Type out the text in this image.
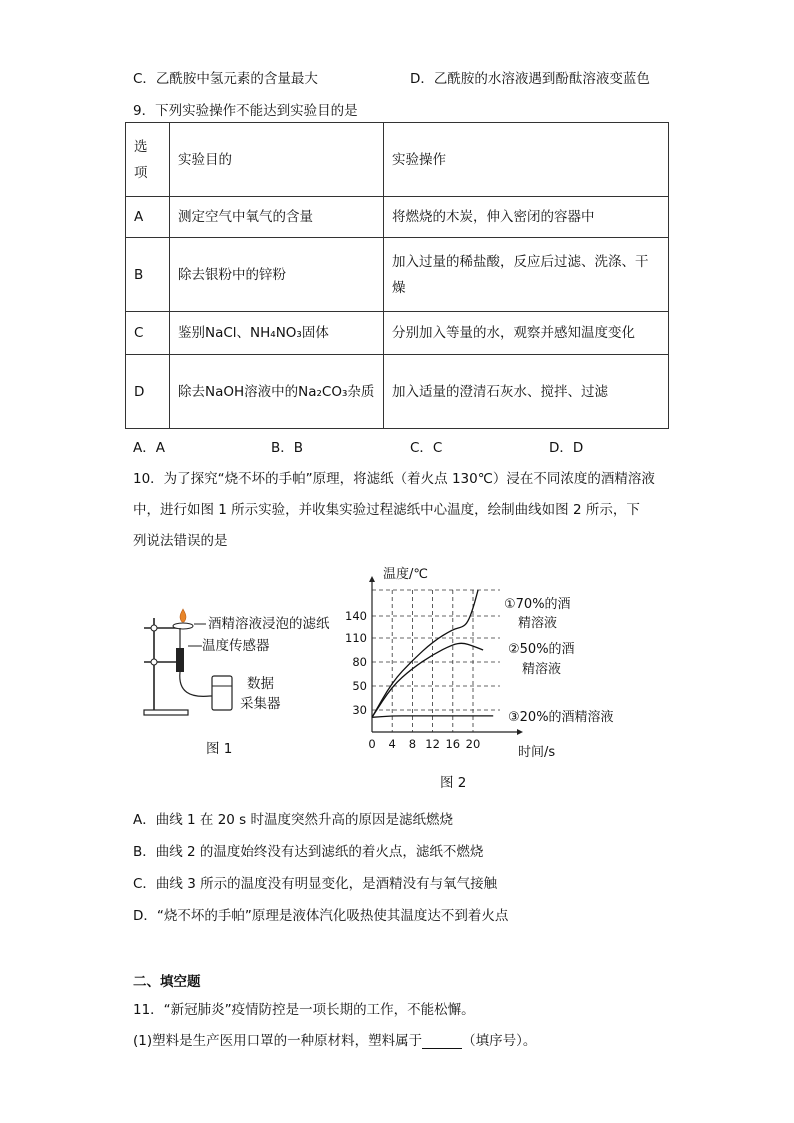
C．乙酰胺中氢元素的含量最大	D．乙酰胺的水溶液遇到酚酞溶液变蓝色
9．下列实验操作不能达到实验目的是
选
项	实验目的	实验操作
A	测定空气中氧气的含量	将燃烧的木炭，伸入密闭的容器中
B	除去银粉中的锌粉	加入过量的稀盐酸，反应后过滤、洗涤、干燥
C	鉴别NaCl、NH₄NO₃固体	分别加入等量的水，观察并感知温度变化
D	除去NaOH溶液中的Na₂CO₃杂质	加入适量的澄清石灰水、搅拌、过滤
A．A	B．B	C．C	D．D
10．为了探究“烧不坏的手帕”原理，将滤纸（着火点 130℃）浸在不同浓度的酒精溶液
中，进行如图 1 所示实验，并收集实验过程滤纸中心温度，绘制曲线如图 2 所示，下
列说法错误的是
酒精溶液浸泡的滤纸
温度传感器
数据
采集器
图 1
30
50
80
110
140
0 4 8 12 16 20
温度/℃
时间/s
①70%的酒
精溶液
②50%的酒
精溶液
③20%的酒精溶液
图 2
A．曲线 1 在 20 s 时温度突然升高的原因是滤纸燃烧
B．曲线 2 的温度始终没有达到滤纸的着火点，滤纸不燃烧
C．曲线 3 所示的温度没有明显变化，是酒精没有与氧气接触
D．“烧不坏的手帕”原理是液体汽化吸热使其温度达不到着火点
二、填空题
11．“新冠肺炎”疫情防控是一项长期的工作，不能松懈。
(1)塑料是生产医用口罩的一种原材料，塑料属于	（填序号）。
